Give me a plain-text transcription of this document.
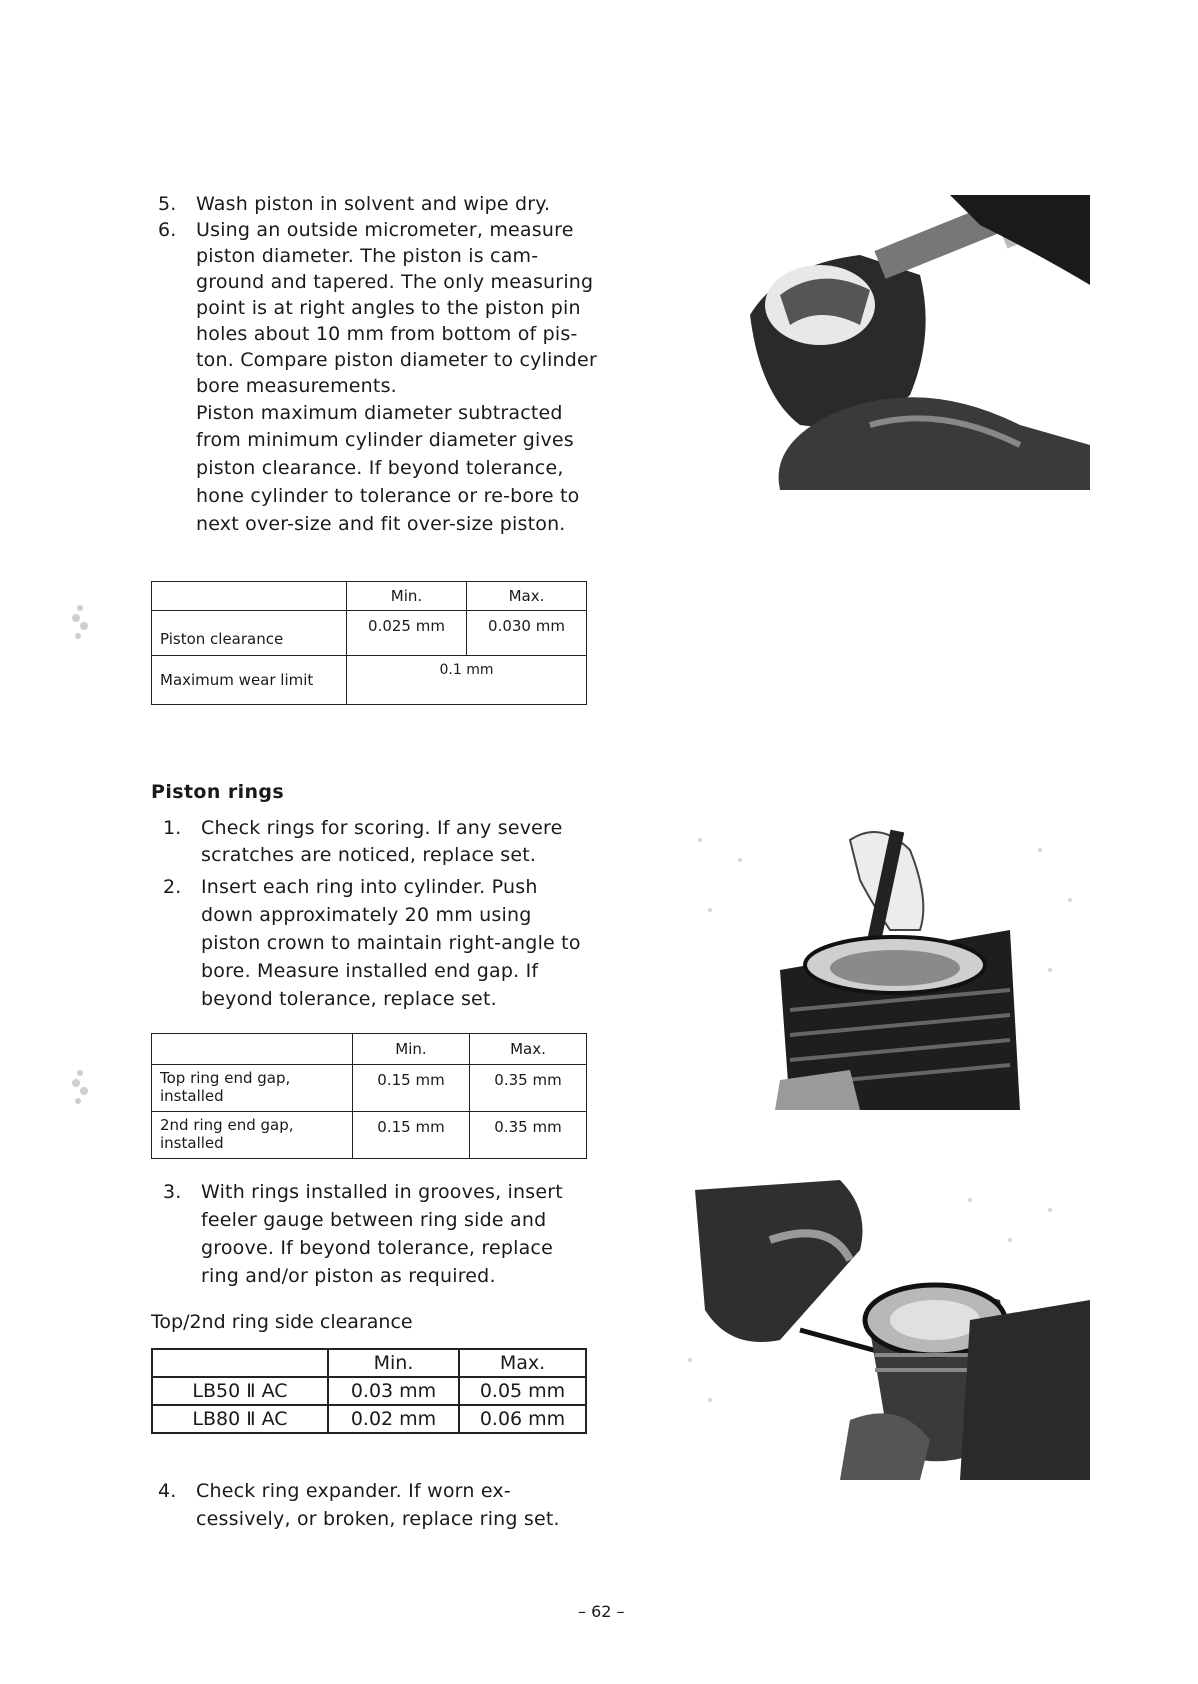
5. Wash piston in solvent and wipe dry.
6. Using an outside micrometer, measure
piston diameter. The piston is cam-
ground and tapered. The only measuring
point is at right angles to the piston pin
holes about 10 mm from bottom of pis-
ton. Compare piston diameter to cylinder
bore measurements.
Piston maximum diameter subtracted
from minimum cylinder diameter gives
piston clearance. If beyond tolerance,
hone cylinder to tolerance or re-bore to
next over-size and fit over-size piston.
	Min.	Max.
Piston clearance	0.025 mm	0.030 mm
Maximum wear limit	0.1 mm	
Piston rings
1. Check rings for scoring. If any severe
scratches are noticed, replace set.
2. Insert each ring into cylinder. Push
down approximately 20 mm using
piston crown to maintain right-angle to
bore. Measure installed end gap. If
beyond tolerance, replace set.
	Min.	Max.

Top ring end gap,
installed	0.15 mm	0.35 mm

2nd ring end gap,
installed	0.15 mm	0.35 mm
3. With rings installed in grooves, insert
feeler gauge between ring side and
groove. If beyond tolerance, replace
ring and/or piston as required.
Top/2nd ring side clearance
	Min.	Max.
LB50 Ⅱ AC	0.03 mm	0.05 mm
LB80 Ⅱ AC	0.02 mm	0.06 mm
4. Check ring expander. If worn ex-
cessively, or broken, replace ring set.
– 62 –
